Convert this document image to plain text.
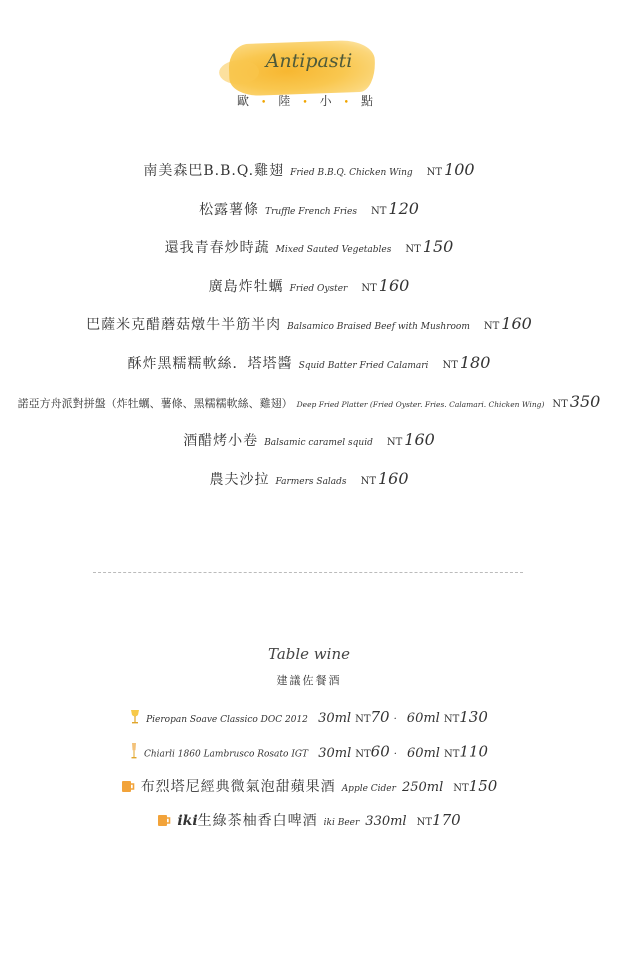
Antipasti
歐 • 陸 • 小 • 點
南美森巴B.B.Q.雞翅 Fried B.B.Q. Chicken Wing NT 100
松露薯條 Truffle French Fries NT 120
還我青春炒時蔬 Mixed Sauted Vegetables NT 150
廣島炸牡蠣 Fried Oyster NT 160
巴薩米克醋蘑菇燉牛半筋半肉 Balsamico Braised Beef with Mushroom NT 160
酥炸黑糯糯軟絲．塔塔醬 Squid Batter Fried Calamari NT 180
諾亞方舟派對拼盤（炸牡蠣、薯條、黑糯糯軟絲、雞翅） Deep Fried Platter (Fried Oyster. Fries. Calamari. Chicken Wing) NT 350
酒醋烤小卷 Balsamic caramel squid NT 160
農夫沙拉 Farmers Salads NT 160
Table wine
建議佐餐酒
Pieropan Soave Classico DOC 2012 30ml NT70 · 60ml NT130
Chiarli 1860 Lambrusco Rosato IGT 30ml NT60 · 60ml NT110
布烈塔尼經典微氣泡甜蘋果酒 Apple Cider 250ml NT150
iki生綠茶柚香白啤酒 iki Beer 330ml NT170
